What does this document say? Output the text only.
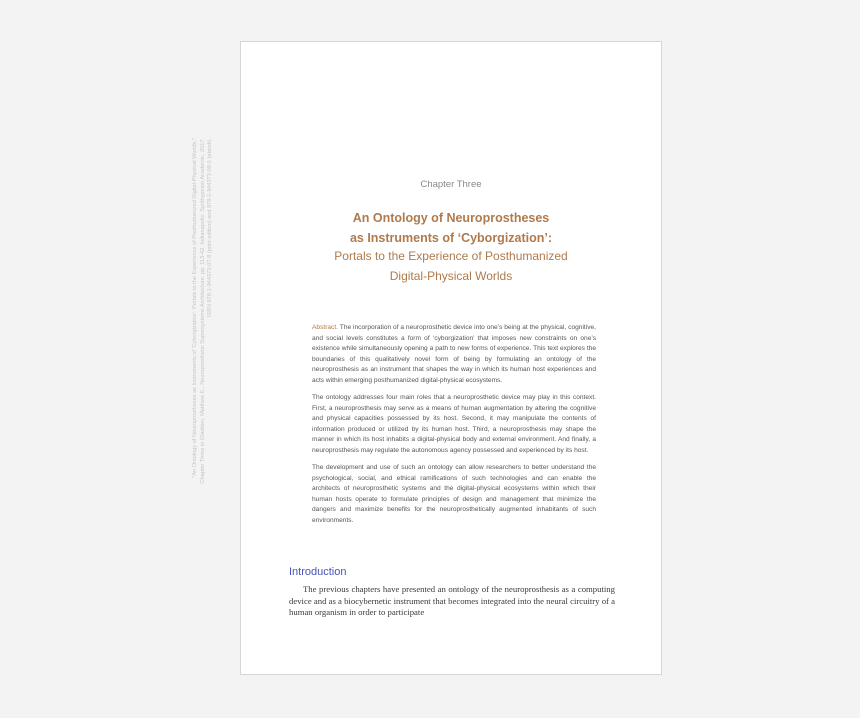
"An Ontology of Neuroprostheses as Instruments of 'Cyborgization': Portals to the Experience of Posthumanized Digital-Physical Worlds," Chapter Three in Gladden, Matthew E., Neuroprosthetic Supersystems Architecture, pp. 113-42. Indianapolis: Synthypnion Academic, 2017. ISBN 978-1-944373-07-8 (print edition) and 978-1-944373-08-5 (ebook).	Chapter Three
An Ontology of Neuroprostheses
as Instruments of ‘Cyborgization’:
Portals to the Experience of Posthumanized
Digital-Physical Worlds

Abstract. The incorporation of a neuroprosthetic device into one’s being at the physical, cognitive, and social levels constitutes a form of ‘cyborgization’ that imposes new constraints on one’s existence while simultaneously opening a path to new forms of experience. This text explores the boundaries of this qualitatively novel form of being by formulating an ontology of the neuroprosthesis as an instrument that shapes the way in which its human host experiences and acts within emerging posthumanized digital-physical ecosystems.

The ontology addresses four main roles that a neuroprosthetic device may play in this context. First, a neuroprosthesis may serve as a means of human augmentation by altering the cognitive and physical capacities possessed by its host. Second, it may manipulate the contents of information produced or utilized by its human host. Third, a neuroprosthesis may shape the manner in which its host inhabits a digital-physical body and external environment. And finally, a neuroprosthesis may regulate the autonomous agency possessed and experienced by its host.

The development and use of such an ontology can allow researchers to better understand the psychological, social, and ethical ramifications of such technologies and can enable the architects of neuroprosthetic systems and the digital-physical ecosystems within which their human hosts operate to formulate principles of design and management that minimize the dangers and maximize benefits for the neuroprosthetically augmented inhabitants of such environments.

Introduction

The previous chapters have presented an ontology of the neuroprosthesis as a computing device and as a biocybernetic instrument that becomes integrated into the neural circuitry of a human organism in order to participate
